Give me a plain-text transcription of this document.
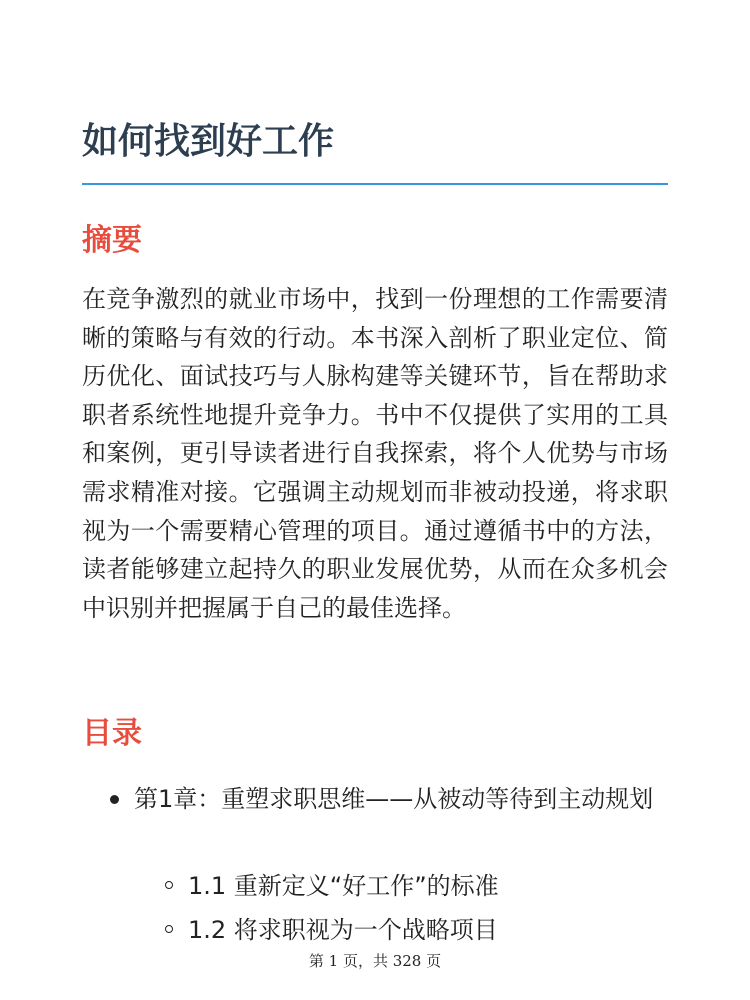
如何找到好工作
摘要

在竞争激烈的就业市场中，找到一份理想的工作需要清晰的策略与有效的行动。本书深入剖析了职业定位、简历优化、面试技巧与人脉构建等关键环节，旨在帮助求职者系统性地提升竞争力。书中不仅提供了实用的工具和案例，更引导读者进行自我探索，将个人优势与市场需求精准对接。它强调主动规划而非被动投递，将求职视为一个需要精心管理的项目。通过遵循书中的方法，读者能够建立起持久的职业发展优势，从而在众多机会中识别并把握属于自己的最佳选择。

目录
第1章：重塑求职思维——从被动等待到主动规划
1.1 重新定义“好工作”的标准
1.2 将求职视为一个战略项目
第 1 页，共 328 页
